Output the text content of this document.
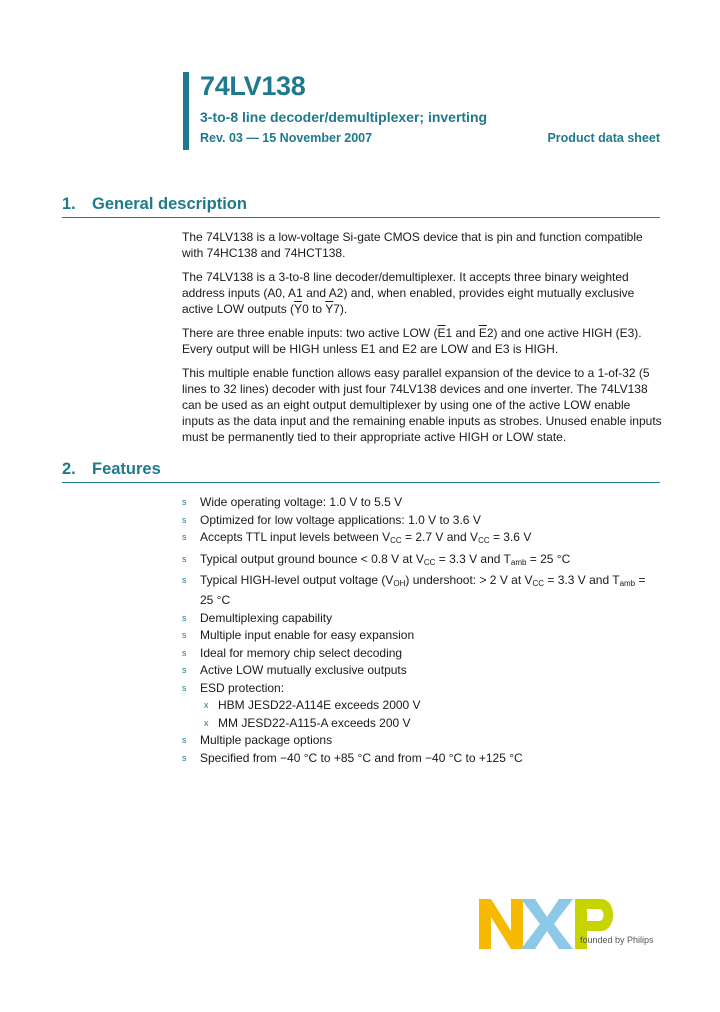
74LV138
3-to-8 line decoder/demultiplexer; inverting
Rev. 03 — 15 November 2007	Product data sheet
1. General description

The 74LV138 is a low-voltage Si-gate CMOS device that is pin and function compatible with 74HC138 and 74HCT138.

The 74LV138 is a 3-to-8 line decoder/demultiplexer. It accepts three binary weighted address inputs (A0, A1 and A2) and, when enabled, provides eight mutually exclusive active LOW outputs ($\overline{Y}0$ to $\overline{Y}7$).

There are three enable inputs: two active LOW ($\overline{E}1$ and $\overline{E}2$) and one active HIGH (E3). Every output will be HIGH unless E1 and E2 are LOW and E3 is HIGH.

This multiple enable function allows easy parallel expansion of the device to a 1-of-32 (5 lines to 32 lines) decoder with just four 74LV138 devices and one inverter. The 74LV138 can be used as an eight output demultiplexer by using one of the active LOW enable inputs as the data input and the remaining enable inputs as strobes. Unused enable inputs must be permanently tied to their appropriate active HIGH or LOW state.

2. Features
s Wide operating voltage: 1.0 V to 5.5 V
s Optimized for low voltage applications: 1.0 V to 3.6 V
s Accepts TTL input levels between $V_{CC} = 2.7$ V and $V_{CC} = 3.6$ V
s Typical output ground bounce < 0.8 V at $V_{CC} = 3.3$ V and $T_{amb} = 25$ °C
s Typical HIGH-level output voltage $(V_{OH})$ undershoot: > 2 V at $V_{CC} = 3.3$ V and $T_{amb} = 25$ °C
s Demultiplexing capability
s Multiple input enable for easy expansion
s Ideal for memory chip select decoding
s Active LOW mutually exclusive outputs
s ESD protection:
x HBM JESD22-A114E exceeds 2000 V
x MM JESD22-A115-A exceeds 200 V
s Multiple package options
s Specified from −40 °C to +85 °C and from −40 °C to +125 °C
founded by Philips
